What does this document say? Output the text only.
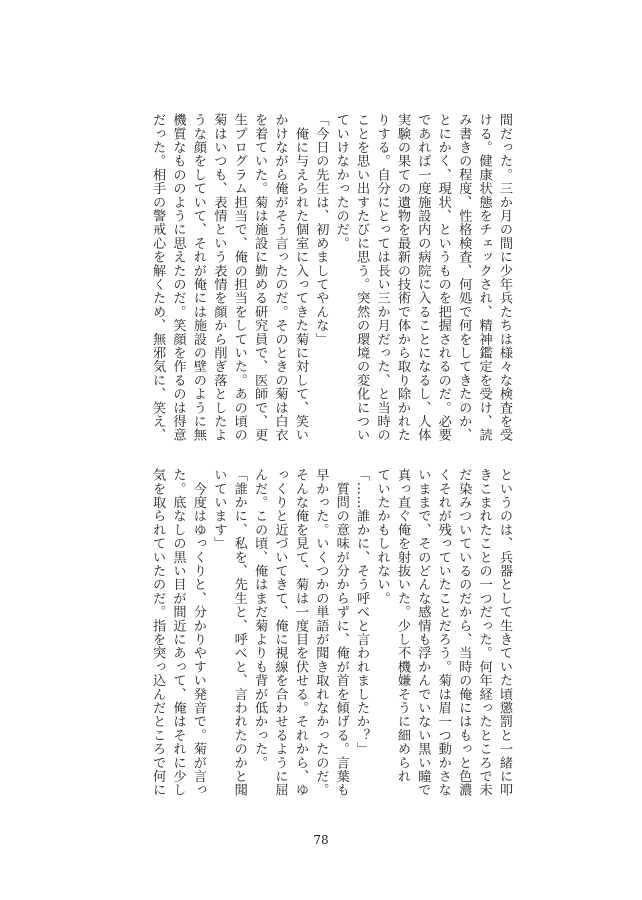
間だった。三か月の間に少年兵たちは様々な検査を受
ける。健康状態をチェックされ、精神鑑定を受け、読
み書きの程度、性格検査、何処で何をしてきたのか、
とにかく、現状、というものを把握されるのだ。必要
であれば一度施設内の病院に入ることになるし、人体
実験の果ての遺物を最新の技術で体から取り除かれた
りする。自分にとっては長い三か月だった、と当時の
ことを思い出すたびに思う。突然の環境の変化につい
ていけなかったのだ。
「今日の先生は、初めましてやんな」
　俺に与えられた個室に入ってきた菊に対して、笑い
かけながら俺がそう言ったのだ。そのときの菊は白衣
を着ていた。菊は施設に勤める研究員で、医師で、更
生プログラム担当で、俺の担当をしていた。あの頃の
菊はいつも、表情という表情を顔から削ぎ落としたよ
うな顔をしていて、それが俺には施設の壁のように無
機質なもののように思えたのだ。笑顔を作るのは得意
だった。相手の警戒心を解くため、無邪気に、笑え、
というのは、兵器として生きていた頃懲罰と一緒に叩
きこまれたことの一つだった。何年経ったところで未
だ染みついているのだから、当時の俺にはもっと色濃
くそれが残っていたことだろう。菊は眉一つ動かさな
いままで、そのどんな感情も浮かんでいない黒い瞳で
真っ直ぐ俺を射抜いた。少し不機嫌そうに細められ
ていたかもしれない。
「……誰かに、そう呼べと言われましたか？」
　質問の意味が分からずに、俺が首を傾げる。言葉も
早かった。いくつかの単語が聞き取れなかったのだ。
そんな俺を見て、菊は一度目を伏せる。それから、ゆ
っくりと近づいてきて、俺に視線を合わせるように屈
んだ。この頃、俺はまだ菊よりも背が低かった。
「誰かに、私を、先生と、呼べと、言われたのかと聞
いています」
　今度はゆっくりと、分かりやすい発音で。菊が言っ
た。底なしの黒い目が間近にあって、俺はそれに少し
気を取られていたのだ。指を突っ込んだところで何に
78
